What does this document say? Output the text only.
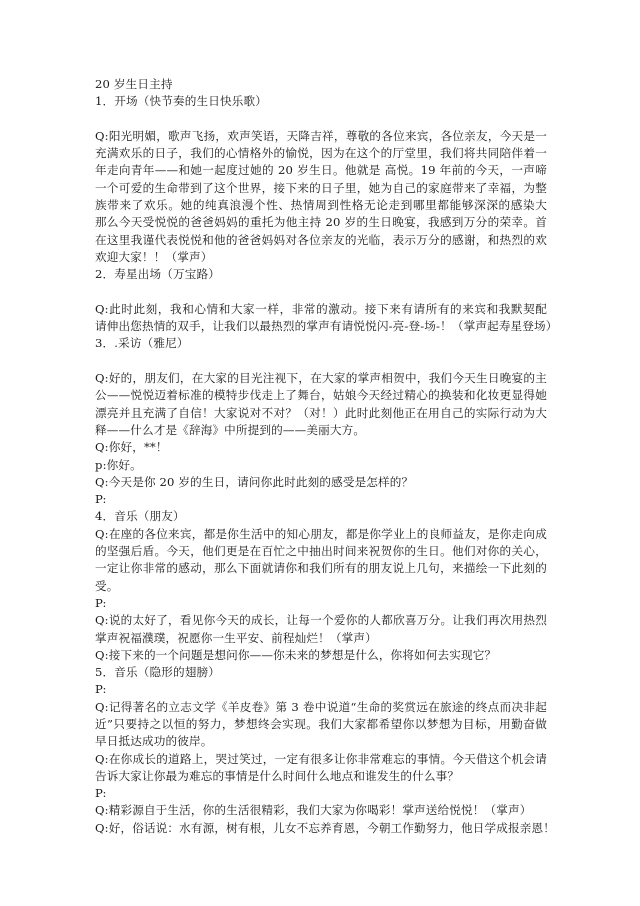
20 岁生日主持
1．开场（快节奏的生日快乐歌）
Q:阳光明媚，歌声飞扬，欢声笑语，天降吉祥，尊敬的各位来宾，各位亲友，今天是一
充满欢乐的日子，我们的心情格外的愉悦，因为在这个的厅堂里，我们将共同陪伴着一
年走向青年——和她一起度过她的 20 岁生日。他就是 高悦。19 年前的今天，一声啼
一个可爱的生命带到了这个世界，接下来的日子里，她为自己的家庭带来了幸福，为整
族带来了欢乐。她的纯真浪漫个性、热情周到性格无论走到哪里都能够深深的感染大
那么今天受悦悦的爸爸妈妈的重托为他主持 20 岁的生日晚宴，我感到万分的荣幸。首
在这里我谨代表悦悦和他的爸爸妈妈对各位亲友的光临，表示万分的感谢，和热烈的欢
欢迎大家！！（掌声）
2．寿星出场（万宝路）
Q:此时此刻，我和心情和大家一样，非常的激动。接下来有请所有的来宾和我默契配
请伸出您热情的双手，让我们以最热烈的掌声有请悦悦闪-亮-登-场-！（掌声起寿星登场）
3．.采访（雅尼）
Q:好的，朋友们，在大家的目光注视下，在大家的掌声相贺中，我们今天生日晚宴的主
公——悦悦迈着标准的模特步伐走上了舞台，姑娘今天经过精心的换装和化妆更显得她
漂亮并且充满了自信！大家说对不对？（对！）此时此刻他正在用自己的实际行动为大
释——什么才是《辞海》中所提到的——美丽大方。
Q:你好，**！
p:你好。
Q:今天是你 20 岁的生日，请问你此时此刻的感受是怎样的？
P:
4．音乐（朋友）
Q:在座的各位来宾，都是你生活中的知心朋友，都是你学业上的良师益友，是你走向成
的坚强后盾。今天，他们更是在百忙之中抽出时间来祝贺你的生日。他们对你的关心，
一定让你非常的感动，那么下面就请你和我们所有的朋友说上几句，来描绘一下此刻的
受。
P:
Q:说的太好了，看见你今天的成长，让每一个爱你的人都欣喜万分。让我们再次用热烈
掌声祝福濮璞，祝愿你一生平安、前程灿烂！（掌声）
Q:接下来的一个问题是想问你——你未来的梦想是什么，你将如何去实现它？
5．音乐（隐形的翅膀）
P:
Q:记得著名的立志文学《羊皮卷》第 3 卷中说道“生命的奖赏远在旅途的终点而决非起
近”只要持之以恒的努力，梦想终会实现。我们大家都希望你以梦想为目标，用勤奋做
早日抵达成功的彼岸。
Q:在你成长的道路上，哭过笑过，一定有很多让你非常难忘的事情。今天借这个机会请
告诉大家让你最为难忘的事情是什么时间什么地点和谁发生的什么事？
P:
Q:精彩源自于生活，你的生活很精彩，我们大家为你喝彩！掌声送给悦悦！（掌声）
Q:好，俗话说：水有源，树有根，儿女不忘养育恩，今朝工作勤努力，他日学成报亲恩！
